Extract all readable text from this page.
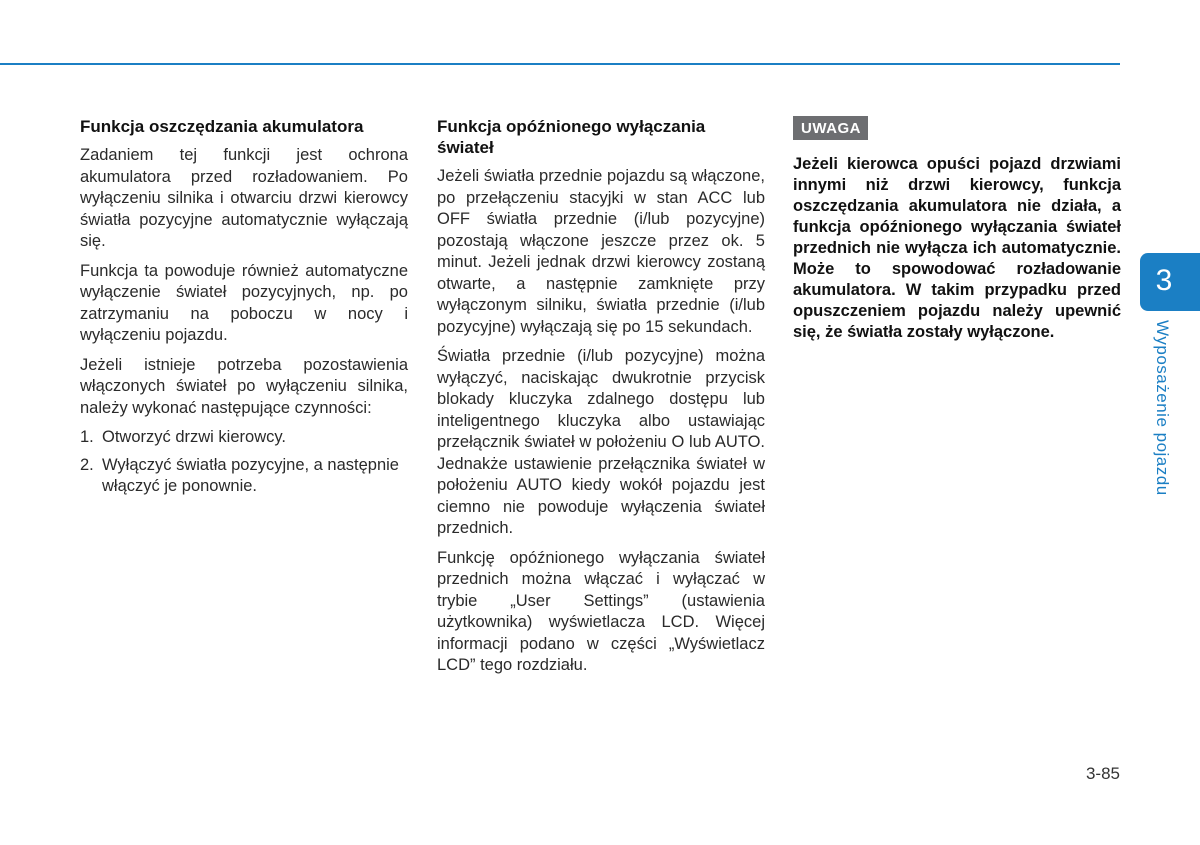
Funkcja oszczędzania akumulatora

Zadaniem tej funkcji jest ochrona akumulatora przed rozładowaniem. Po wyłączeniu silnika i otwarciu drzwi kierowcy światła pozycyjne automatycznie wyłączają się.

Funkcja ta powoduje również automatyczne wyłączenie świateł pozycyjnych, np. po zatrzymaniu na poboczu w nocy i wyłączeniu pojazdu.

Jeżeli istnieje potrzeba pozostawienia włączonych świateł po wyłączeniu silnika, należy wykonać następujące czynności:

1. Otworzyć drzwi kierowcy.
2. Wyłączyć światła pozycyjne, a następnie włączyć je ponownie.
Funkcja opóźnionego wyłączania świateł

Jeżeli światła przednie pojazdu są włączone, po przełączeniu stacyjki w stan ACC lub OFF światła przednie (i/lub pozycyjne) pozostają włączone jeszcze przez ok. 5 minut. Jeżeli jednak drzwi kierowcy zostaną otwarte, a następnie zamknięte przy wyłączonym silniku, światła przednie (i/lub pozycyjne) wyłączają się po 15 sekundach.

Światła przednie (i/lub pozycyjne) można wyłączyć, naciskając dwukrotnie przycisk blokady kluczyka zdalnego dostępu lub inteligentnego kluczyka albo ustawiając przełącznik świateł w położeniu O lub AUTO. Jednakże ustawienie przełącznika świateł w położeniu AUTO kiedy wokół pojazdu jest ciemno nie powoduje wyłączenia świateł przednich.

Funkcję opóźnionego wyłączania świateł przednich można włączać i wyłączać w trybie „User Settings” (ustawienia użytkownika) wyświetlacza LCD. Więcej informacji podano w części „Wyświetlacz LCD” tego rozdziału.

UWAGA

Jeżeli kierowca opuści pojazd drzwiami innymi niż drzwi kierowcy, funkcja oszczędzania akumulatora nie działa, a funkcja opóźnionego wyłączania świateł przednich nie wyłącza ich automatycznie. Może to spowodować rozładowanie akumulatora. W takim przypadku przed opuszczeniem pojazdu należy upewnić się, że światła zostały wyłączone.

3
Wyposażenie pojazdu
3-85
